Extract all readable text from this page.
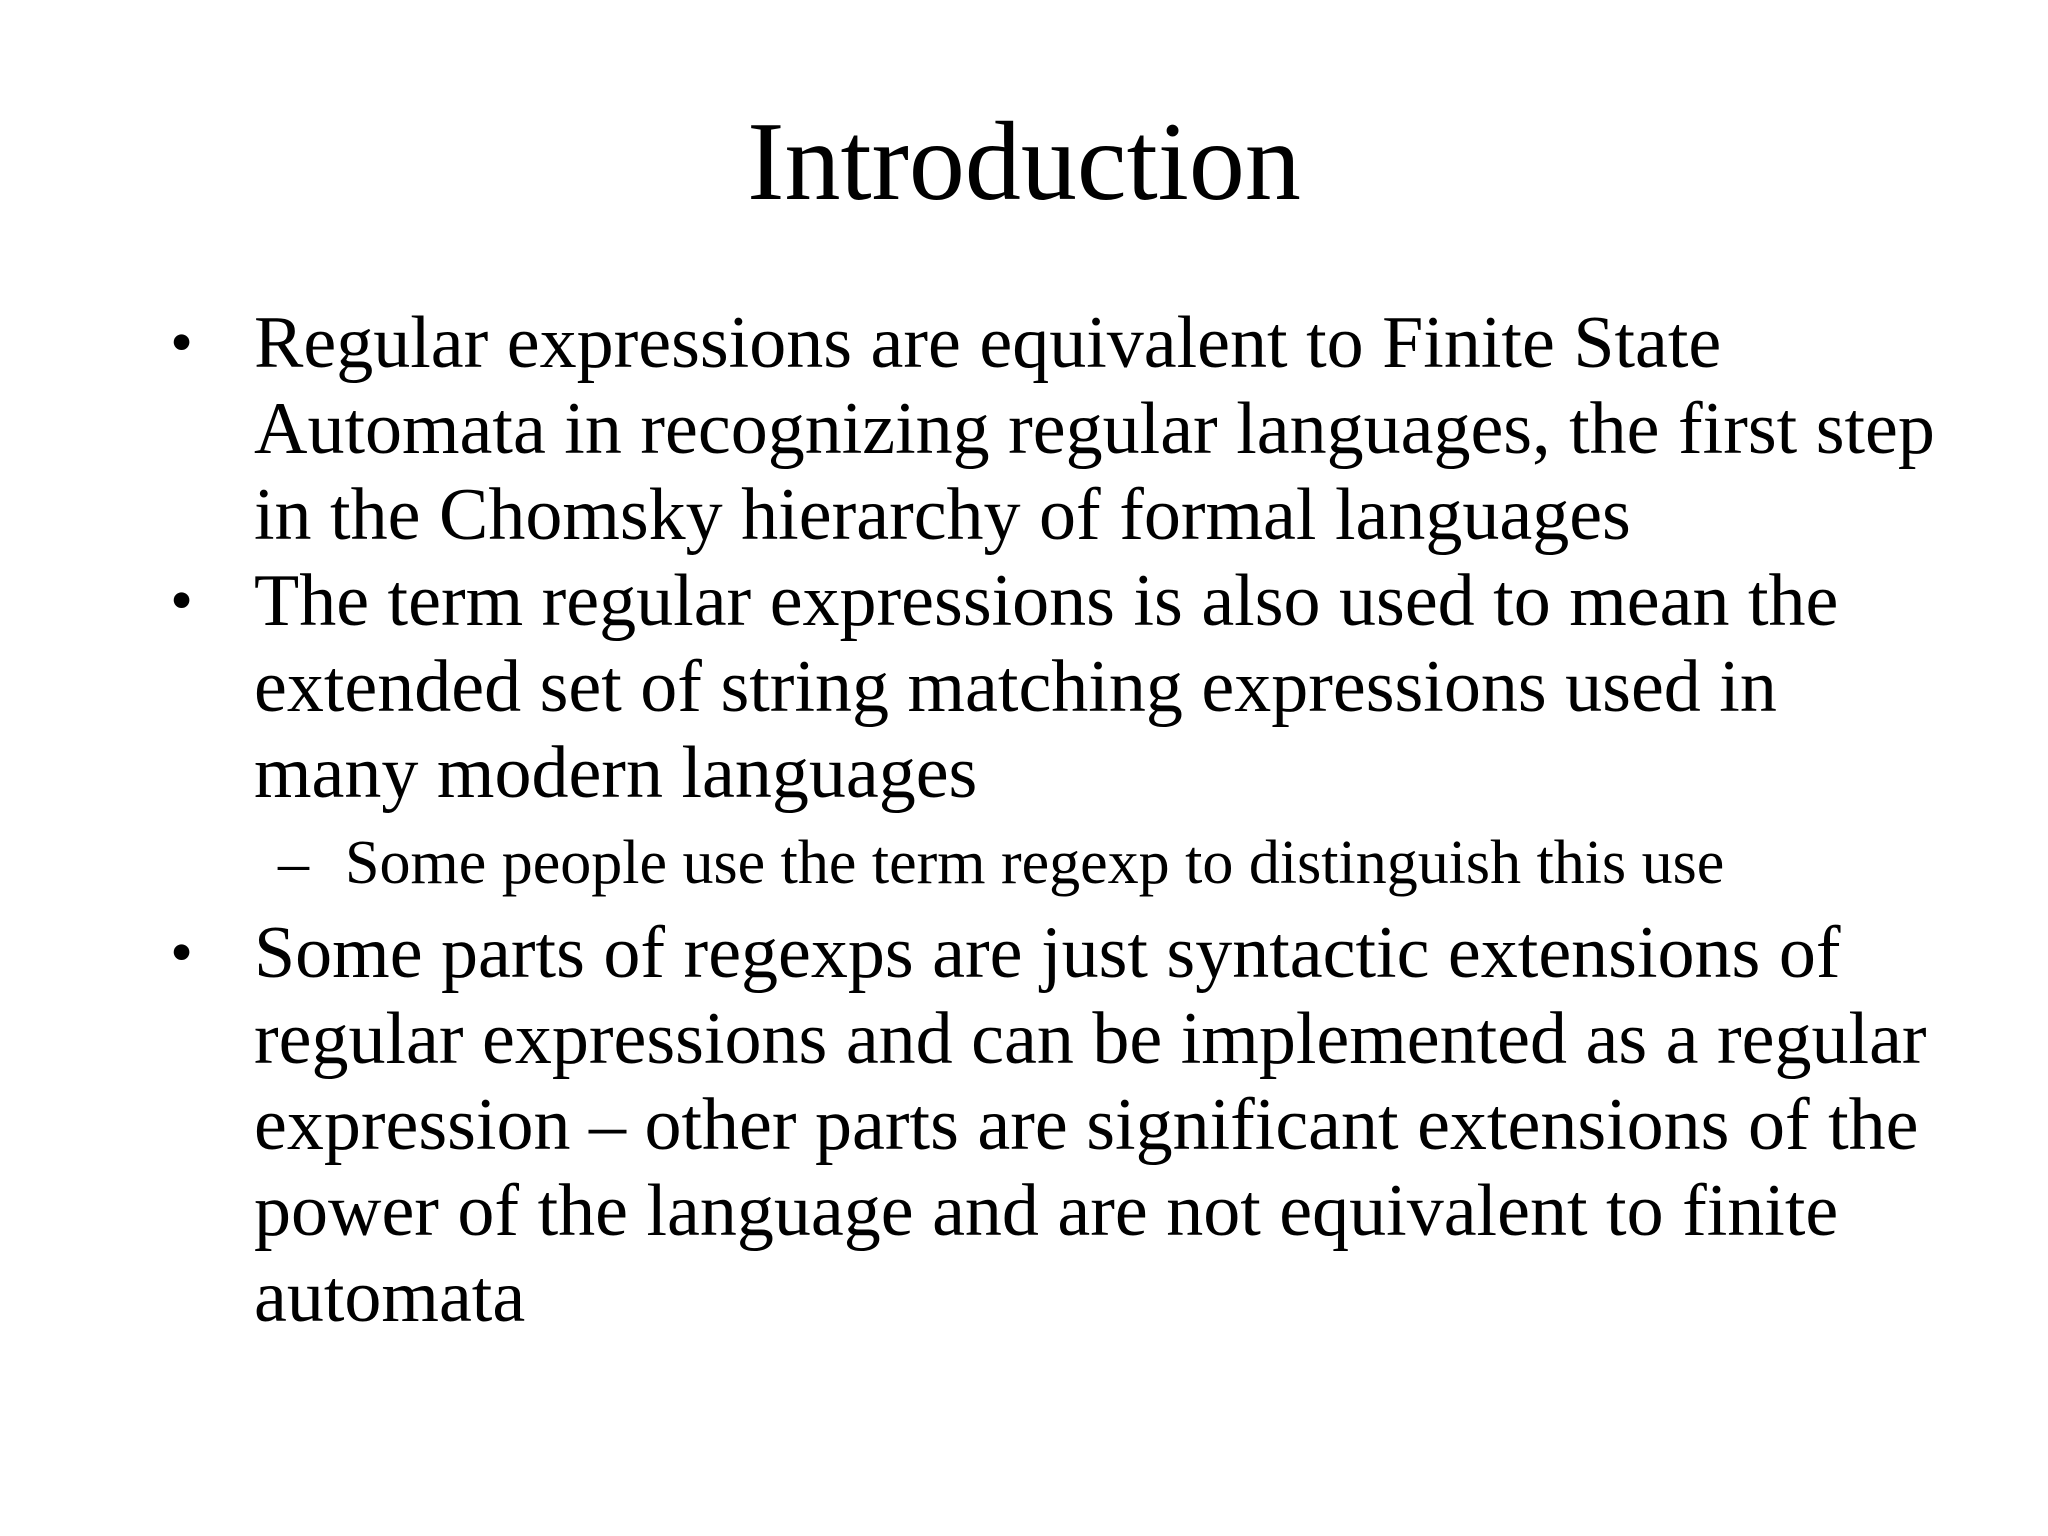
Introduction
• Regular expressions are equivalent to Finite State Automata in recognizing regular languages, the first step in the Chomsky hierarchy of formal languages
• The term regular expressions is also used to mean the extended set of string matching expressions used in many modern languages
– Some people use the term regexp to distinguish this use
• Some parts of regexps are just syntactic extensions of regular expressions and can be implemented as a regular expression – other parts are significant extensions of the power of the language and are not equivalent to finite automata
